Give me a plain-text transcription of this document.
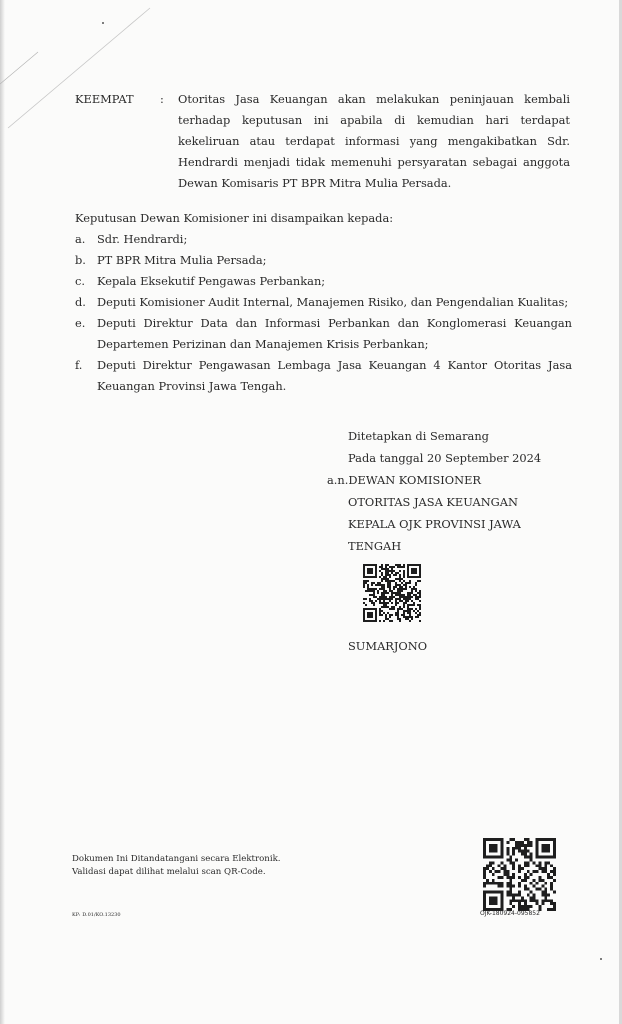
KEEMPAT : Otoritas Jasa Keuangan akan melakukan peninjauan kembali terhadap keputusan ini apabila di kemudian hari terdapat kekeliruan atau terdapat informasi yang mengakibatkan Sdr. Hendrardi menjadi tidak memenuhi persyaratan sebagai anggota Dewan Komisaris PT BPR Mitra Mulia Persada.

Keputusan Dewan Komisioner ini disampaikan kepada:

a.	Sdr. Hendrardi;
b. PT BPR Mitra Mulia Persada;
c.	Kepala Eksekutif Pengawas Perbankan;
d. Deputi Komisioner Audit Internal, Manajemen Risiko, dan Pengendalian Kualitas;
e.	Deputi Direktur Data dan Informasi Perbankan dan Konglomerasi Keuangan Departemen Perizinan dan Manajemen Krisis Perbankan;
f.	Deputi Direktur Pengawasan Lembaga Jasa Keuangan 4 Kantor Otoritas Jasa Keuangan Provinsi Jawa Tengah.
Ditetapkan di Semarang
Pada tanggal 20 September 2024
a.n.DEWAN KOMISIONER
OTORITAS JASA KEUANGAN
KEPALA OJK PROVINSI JAWA
TENGAH
SUMARJONO

Dokumen Ini Ditandatangani secara Elektronik.
Validasi dapat dilihat melalui scan QR-Code.

KP: D.01/KO.13230	OJK-180924-095852
